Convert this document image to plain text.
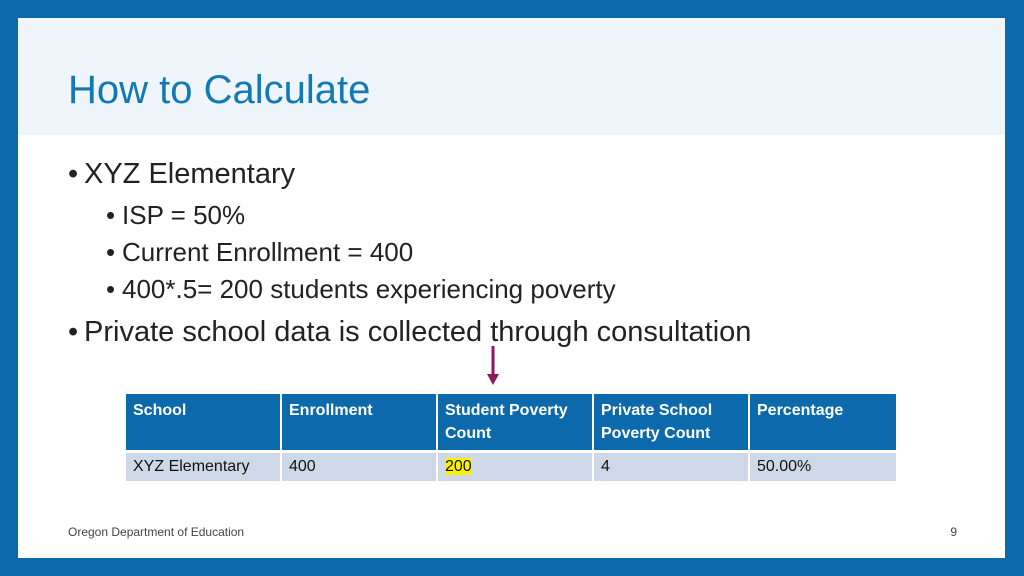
How to Calculate
• XYZ Elementary
• ISP = 50%
• Current Enrollment = 400
• 400*.5= 200 students experiencing poverty
• Private school data is collected through consultation
School	Enrollment	Student Poverty Count	Private School Poverty Count	Percentage
XYZ Elementary	400	200	4	50.00%
Oregon Department of Education	9
